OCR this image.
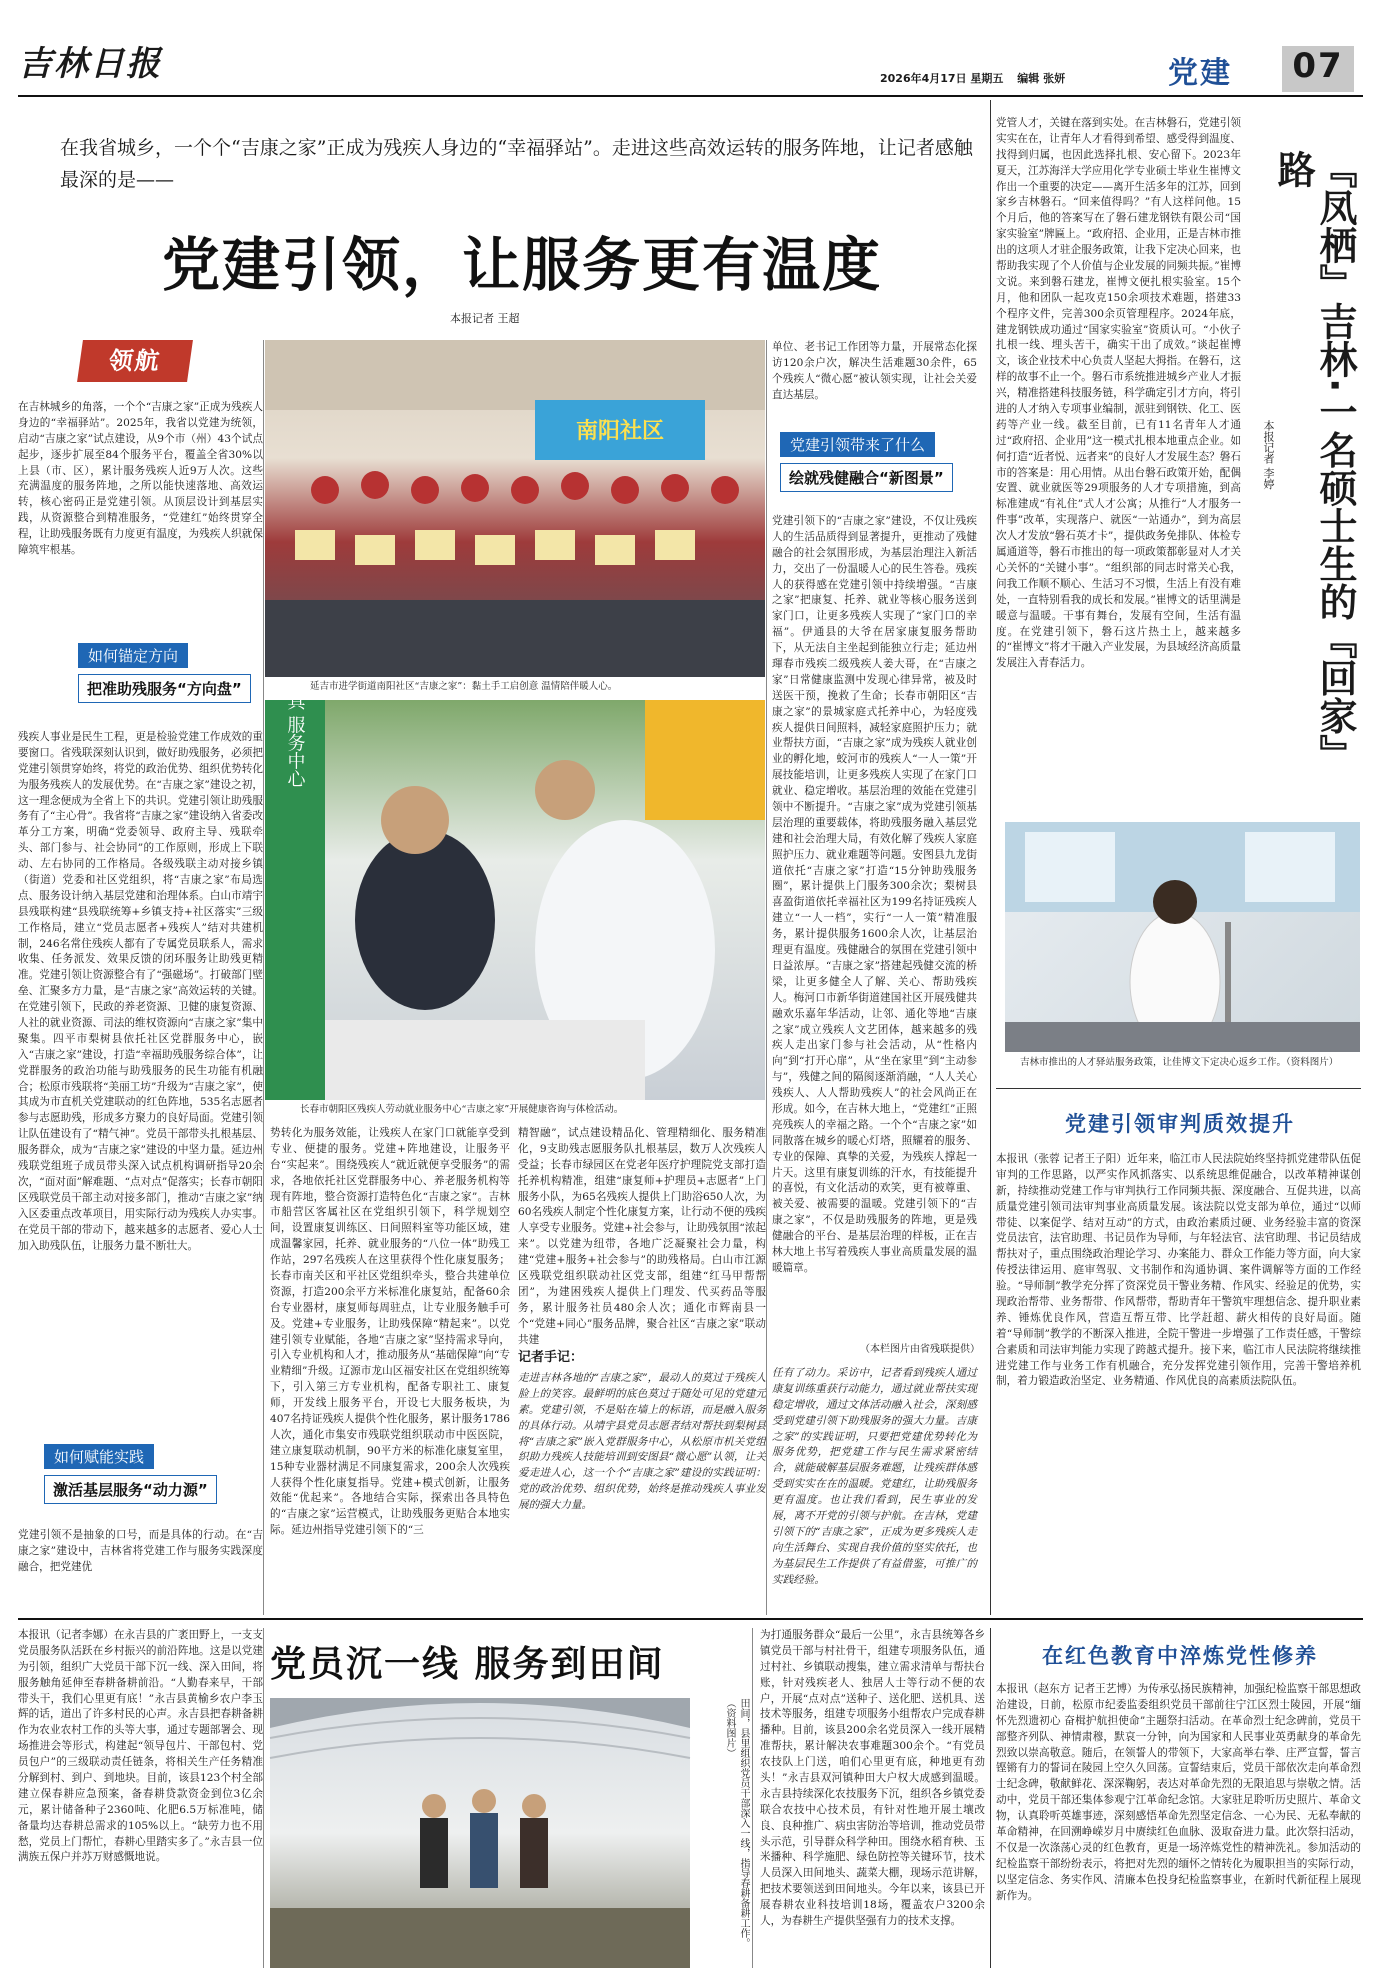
吉林日报	2026年4月17日 星期五 编辑 张妍	党建	07
在我省城乡，一个个“吉康之家”正成为残疾人身边的“幸福驿站”。走进这些高效运转的服务阵地，让记者感触最深的是——
党建引领，让服务更有温度
本报记者 王超
领航
在吉林城乡的角落，一个个“吉康之家”正成为残疾人身边的“幸福驿站”。2025年，我省以党建为统领，启动“吉康之家”试点建设，从9个市（州）43个试点起步，逐步扩展至84个服务平台，覆盖全省30%以上县（市、区），累计服务残疾人近9万人次。这些充满温度的服务阵地，之所以能快速落地、高效运转，核心密码正是党建引领。从顶层设计到基层实践，从资源整合到精准服务，“党建红”始终贯穿全程，让助残服务既有力度更有温度，为残疾人织就保障筑牢根基。
如何锚定方向
把准助残服务“方向盘”
残疾人事业是民生工程，更是检验党建工作成效的重要窗口。省残联深刻认识到，做好助残服务，必须把党建引领贯穿始终，将党的政治优势、组织优势转化为服务残疾人的发展优势。在“吉康之家”建设之初，这一理念便成为全省上下的共识。党建引领让助残服务有了“主心骨”。我省将“吉康之家”建设纳入省委改革分工方案，明确“党委领导、政府主导、残联牵头、部门参与、社会协同”的工作原则，形成上下联动、左右协同的工作格局。各级残联主动对接乡镇（街道）党委和社区党组织，将“吉康之家”布局选点、服务设计纳入基层党建和治理体系。白山市靖宇县残联构建“县残联统筹+乡镇支持+社区落实”三级工作格局，建立“党员志愿者+残疾人”结对共建机制，246名常住残疾人都有了专属党员联系人，需求收集、任务派发、效果反馈的闭环服务让助残更精准。党建引领让资源整合有了“强磁场”。打破部门壁垒、汇聚多方力量，是“吉康之家”高效运转的关键。在党建引领下，民政的养老资源、卫健的康复资源、人社的就业资源、司法的维权资源向“吉康之家”集中聚集。四平市梨树县依托社区党群服务中心，嵌入“吉康之家”建设，打造“幸福助残服务综合体”，让党群服务的政治功能与助残服务的民生功能有机融合；松原市残联将“美丽工坊”升级为“吉康之家”，使其成为市直机关党建联动的红色阵地，535名志愿者参与志愿助残，形成多方聚力的良好局面。党建引领让队伍建设有了“精气神”。党员干部带头扎根基层、服务群众，成为“吉康之家”建设的中坚力量。延边州残联党组班子成员带头深入试点机构调研指导20余次，“面对面”解难题、“点对点”促落实；长春市朝阳区残联党员干部主动对接多部门，推动“吉康之家”纳入区委重点改革项目，用实际行动为残疾人办实事。在党员干部的带动下，越来越多的志愿者、爱心人士加入助残队伍，让服务力量不断壮大。
如何赋能实践
激活基层服务“动力源”
党建引领不是抽象的口号，而是具体的行动。在“吉康之家”建设中，吉林省将党建工作与服务实践深度融合，把党建优
南阳社区
延吉市进学街道南阳社区“吉康之家”：黏土手工启创意 温情陪伴暖人心。
具 服务中心
长春市朝阳区残疾人劳动就业服务中心“吉康之家”开展健康咨询与体检活动。
势转化为服务效能，让残疾人在家门口就能享受到专业、便捷的服务。党建+阵地建设，让服务平台“实起来”。围绕残疾人“就近就便享受服务”的需求，各地依托社区党群服务中心、养老服务机构等现有阵地，整合资源打造特色化“吉康之家”。吉林市船营区客属社区在党组织引领下，科学规划空间，设置康复训练区、日间照料室等功能区域，建成温馨家园，托养、就业服务的“八位一体”助残工作站，297名残疾人在这里获得个性化康复服务；长春市南关区和平社区党组织牵头，整合共建单位资源，打造200余平方米标准化康复站，配备60余台专业器材，康复师每周驻点，让专业服务触手可及。党建+专业服务，让助残保障“精起来”。以党建引领专业赋能，各地“吉康之家”坚持需求导向，引入专业机构和人才，推动服务从“基础保障”向“专业精细”升级。辽源市龙山区福安社区在党组织统筹下，引入第三方专业机构，配备专职社工、康复师，开发线上服务平台，开设七大服务板块，为407名持证残疾人提供个性化服务，累计服务1786人次，通化市集安市残联党组织联动市中医医院，建立康复联动机制，90平方米的标准化康复室里，15种专业器材满足不同康复需求，200余人次残疾人获得个性化康复指导。党建+模式创新，让服务效能“优起来”。各地结合实际，探索出各具特色的“吉康之家”运营模式，让助残服务更贴合本地实际。延边州指导党建引领下的“三
精智融”，试点建设精品化、管理精细化、服务精准化，9支助残志愿服务队扎根基层，数万人次残疾人受益；长春市绿园区在党老年医疗护理院党支部打造托养机构精准，组建“康复师+护理员+志愿者”上门服务小队，为65名残疾人提供上门助浴650人次，为60名残疾人制定个性化康复方案，让行动不便的残疾人享受专业服务。党建+社会参与，让助残氛围“浓起来”。以党建为纽带，各地广泛凝聚社会力量，构建“党建+服务+社会参与”的助残格局。白山市江源区残联党组织联动社区党支部，组建“红马甲帮帮团”，为建困残疾人提供上门理发、代买药品等服务，累计服务社员480余人次；通化市辉南县一个“党建+同心”服务品牌，聚合社区“吉康之家”联动共建
记者手记：
走进吉林各地的“吉康之家”，最动人的莫过于残疾人脸上的笑容。最鲜明的底色莫过于随处可见的党建元素。党建引领，不是贴在墙上的标语，而是融入服务的具体行动。从靖宇县党员志愿者结对帮扶到梨树县将“吉康之家”嵌入党群服务中心，从松原市机关党组织助力残疾人技能培训到安图县“微心愿”认领，让关爱走进人心，这一个个“吉康之家”建设的实践证明：党的政治优势、组织优势，始终是推动残疾人事业发展的强大力量。
单位、老书记工作团等力量，开展常态化探访120余户次，解决生活难题30余件，65个残疾人“微心愿”被认领实现，让社会关爱直达基层。
党建引领带来了什么
绘就残健融合“新图景”
党建引领下的“吉康之家”建设，不仅让残疾人的生活品质得到显著提升，更推动了残健融合的社会氛围形成，为基层治理注入新活力，交出了一份温暖人心的民生答卷。残疾人的获得感在党建引领中持续增强。“吉康之家”把康复、托养、就业等核心服务送到家门口，让更多残疾人实现了“家门口的幸福”。伊通县的大爷在居家康复服务帮助下，从无法自主坐起到能独立行走；延边州琿春市残疾二级残疾人姜大哥，在“吉康之家”日常健康监测中发现心律异常，被及时送医干预，挽救了生命；长春市朝阳区“吉康之家”的景城家庭式托养中心，为轻度残疾人提供日间照料，减轻家庭照护压力；就业帮扶方面，“吉康之家”成为残疾人就业创业的孵化地，蛟河市的残疾人“一人一策”开展技能培训，让更多残疾人实现了在家门口就业、稳定增收。基层治理的效能在党建引领中不断提升。“吉康之家”成为党建引领基层治理的重要载体，将助残服务融入基层党建和社会治理大局，有效化解了残疾人家庭照护压力、就业难题等问题。安图县九龙街道依托“吉康之家”打造“15分钟助残服务圈”，累计提供上门服务300余次；梨树县喜盈街道依托幸福社区为199名持证残疾人建立“一人一档”，实行“一人一策”精准服务，累计提供服务1600余人次，让基层治理更有温度。残健融合的氛围在党建引领中日益浓厚。“吉康之家”搭建起残健交流的桥梁，让更多健全人了解、关心、帮助残疾人。梅河口市新华街道建国社区开展残健共融欢乐嘉年华活动，让邻、通化等地“吉康之家”成立残疾人文艺团体，越来越多的残疾人走出家门参与社会活动，从“性格内向”到“打开心扉”，从“坐在家里”到“主动参与”，残健之间的隔阂逐渐消融，“人人关心残疾人、人人帮助残疾人”的社会风尚正在形成。如今，在吉林大地上，“党建红”正照亮残疾人的幸福之路。一个个“吉康之家”如同散落在城乡的暖心灯塔，照耀着的服务、专业的保障、真挚的关爱，为残疾人撑起一片天。这里有康复训练的汗水，有技能提升的喜悦，有文化活动的欢笑，更有被尊重、被关爱、被需要的温暖。党建引领下的“吉康之家”，不仅是助残服务的阵地，更是残健融合的平台、是基层治理的样板，正在吉林大地上书写着残疾人事业高质量发展的温暖篇章。
（本栏图片由省残联提供）
任有了动力。采访中，记者看到残疾人通过康复训练重获行动能力，通过就业帮扶实现稳定增收，通过文体活动融入社会，深刻感受到党建引领下助残服务的强大力量。吉康之家”的实践证明，只要把党建优势转化为服务优势，把党建工作与民生需求紧密结合，就能破解基层服务难题，让残疾群体感受到实实在在的温暖。党建红，让助残服务更有温度。也让我们看到，民生事业的发展，离不开党的引领与护航。在吉林，党建引领下的“吉康之家”，正成为更多残疾人走向生活舞台、实现自我价值的坚实依托，也为基层民生工作提供了有益借鉴，可推广的实践经验。
党管人才，关键在落到实处。在吉林磐石，党建引领实实在在，让青年人才看得到希望、感受得到温度、找得到归属，也因此选择扎根、安心留下。2023年夏天，江苏海洋大学应用化学专业硕士毕业生崔博文作出一个重要的决定——离开生活多年的江苏，回到家乡吉林磐石。“回来值得吗？”有人这样问他。15个月后，他的答案写在了磐石建龙钢铁有限公司“国家实验室”牌匾上。“政府招、企业用，正是吉林市推出的这项人才驻企服务政策，让我下定决心回来，也帮助我实现了个人价值与企业发展的同频共振。”崔博文说。来到磐石建龙，崔博文便扎根实验室。15个月，他和团队一起攻克150余项技术难题，搭建33个程序文件，完善300余页管理程序。2024年底，建龙钢铁成功通过“国家实验室”资质认可。“小伙子扎根一线、埋头苦干，确实干出了成效。”谈起崔博文，该企业技术中心负责人坚起大拇指。在磐石，这样的故事不止一个。磐石市系统推进城乡产业人才振兴，精准搭建科技服务链，科学确定引才方向，将引进的人才纳入专项事业编制，派驻到钢铁、化工、医药等产业一线。截至目前，已有11名青年人才通过“政府招、企业用”这一模式扎根本地重点企业。如何打造“近者悦、远者来”的良好人才发展生态？磐石市的答案是：用心用情。从出台磐石政策开始，配偶安置、就业就医等29项服务的人才专项措施，到高标准建成“有礼住”式人才公寓；从推行“人才服务一件事”改革，实现落户、就医“一站通办”，到为高层次人才发放“磐石英才卡”，提供政务免排队、体检专属通道等，磐石市推出的每一项政策都彰显对人才关心关怀的“关键小事”。“组织部的同志时常关心我，问我工作顺不顺心、生活习不习惯，生活上有没有难处，一直特别看我的成长和发展。”崔博文的话里满是暖意与温暖。干事有舞台，发展有空间，生活有温度。在党建引领下，磐石这片热土上，越来越多的“崔博文”将才干融入产业发展，为县域经济高质量发展注入青春活力。	『凤栖』吉林·一名硕士生的『回家』路
本报记者 李婷
吉林市推出的人才驿站服务政策，让佳博文下定决心返乡工作。（资料图片）
党建引领审判质效提升
本报讯（张蓉 记者王子阳）近年来，临江市人民法院始终坚持抓党建带队伍促审判的工作思路，以严实作风抓落实、以系统思维促融合，以改革精神谋创新，持续推动党建工作与审判执行工作同频共振、深度融合、互促共进，以高质量党建引领司法审判事业高质量发展。该法院以党支部为单位，通过“以师带徒、以案促学、结对互动”的方式，由政治素质过硬、业务经验丰富的资深党员法官，法官助理、书记员作为导师，与年轻法官、法官助理、书记员结成帮扶对子，重点围绕政治理论学习、办案能力、群众工作能力等方面，向大家传授法律运用、庭审驾驭、文书制作和沟通协调、案件调解等方面的工作经验。“导师制”教学充分挥了资深党员干警业务精、作风实、经验足的优势，实现政治帮带、业务帮带、作风帮带，帮助青年干警筑牢理想信念、提升职业素养、锤炼优良作风，营造互帮互带、比学赶超、薪火相传的良好局面。随着“导师制”教学的不断深入推进，全院干警进一步增强了工作责任感，干警综合素质和司法审判能力实现了跨越式提升。接下来，临江市人民法院将继续推进党建工作与业务工作有机融合，充分发挥党建引领作用，完善干警培养机制，着力锻造政治坚定、业务精通、作风优良的高素质法院队伍。
本报讯（记者李娜）在永吉县的广袤田野上，一支支党员服务队活跃在乡村振兴的前沿阵地。这是以党建为引领，组织广大党员干部下沉一线、深入田间，将服务触角延伸至春耕备耕前沿。“人勤春来早，干部带头干，我们心里更有底！”永吉县黄榆乡农户李玉辉的话，道出了许多村民的心声。永吉县把春耕备耕作为农业农村工作的头等大事，通过专题部署会、现场推进会等形式，构建起“领导包片、干部包村、党员包户”的三级联动责任链条，将相关生产任务精准分解到村、到户、到地块。目前，该县123个村全部建立保春耕应急预案，备春耕贷款资金到位3亿余元，累计储备种子2360吨、化肥6.5万标准吨，储备量均达春耕总需求的105%以上。“缺劳力也不用愁，党员上门帮忙，春耕心里踏实多了。”永吉县一位满族五保户并苏万财感慨地说。
党员沉一线 服务到田间
田间，县里组织党员干部深入一线，指导春耕备耕工作。（资料图片）
为打通服务群众“最后一公里”，永吉县统筹各乡镇党员干部与村社骨干，组建专项服务队伍，通过村社、乡镇联动搜集，建立需求清单与帮扶台账，针对残疾老人、独居人士等行动不便的农户，开展“点对点”送种子、送化肥、送机具、送技术等服务，组建专项服务小组帮农户完成春耕播种。目前，该县200余名党员深入一线开展精准帮扶，累计解决农事难题300余个。“有党员农技队上门送，咱们心里更有底，种地更有劲头！”永吉县双河镇种田大户权大成感到温暖。永吉县持续深化农技服务下沉，组织各乡镇党委联合农技中心技术员，有针对性地开展土壤改良、良种推广、病虫害防治等培训，推动党员带头示范，引导群众科学种田。围绕水稻育秧、玉米播种、科学施肥、绿色防控等关键环节，技术人员深入田间地头、蔬菜大棚，现场示范讲解，把技术要领送到田间地头。今年以来，该县已开展春耕农业科技培训18场，覆盖农户3200余人，为春耕生产提供坚强有力的技术支撑。
在红色教育中淬炼党性修养
本报讯（赵东方 记者王艺博）为传承弘扬民族精神，加强纪检监察干部思想政治建设，日前，松原市纪委监委组织党员干部前往宁江区烈士陵园，开展“缅怀先烈遗初心 奋楫护航担使命”主题祭扫活动。在革命烈士纪念碑前，党员干部整齐列队、神情肃穆，默哀一分钟，向为国家和人民事业英勇献身的革命先烈致以崇高敬意。随后，在领誓人的带领下，大家高举右拳、庄严宣誓，誓言铿锵有力的誓词在陵园上空久久回荡。宣誓结束后，党员干部依次走向革命烈士纪念碑，敬献鲜花、深深鞠躬，表达对革命先烈的无限追思与崇敬之情。活动中，党员干部还集体参观宁江革命纪念馆。大家驻足聆听历史照片、革命文物，认真聆听英雄事迹，深刻感悟革命先烈坚定信念、一心为民、无私奉献的革命精神，在回溯峥嵘岁月中赓续红色血脉、汲取奋进力量。此次祭扫活动，不仅是一次涤荡心灵的红色教育，更是一场淬炼党性的精神洗礼。参加活动的纪检监察干部纷纷表示，将把对先烈的缅怀之情转化为履职担当的实际行动，以坚定信念、务实作风、清廉本色投身纪检监察事业，在新时代新征程上展现新作为。
